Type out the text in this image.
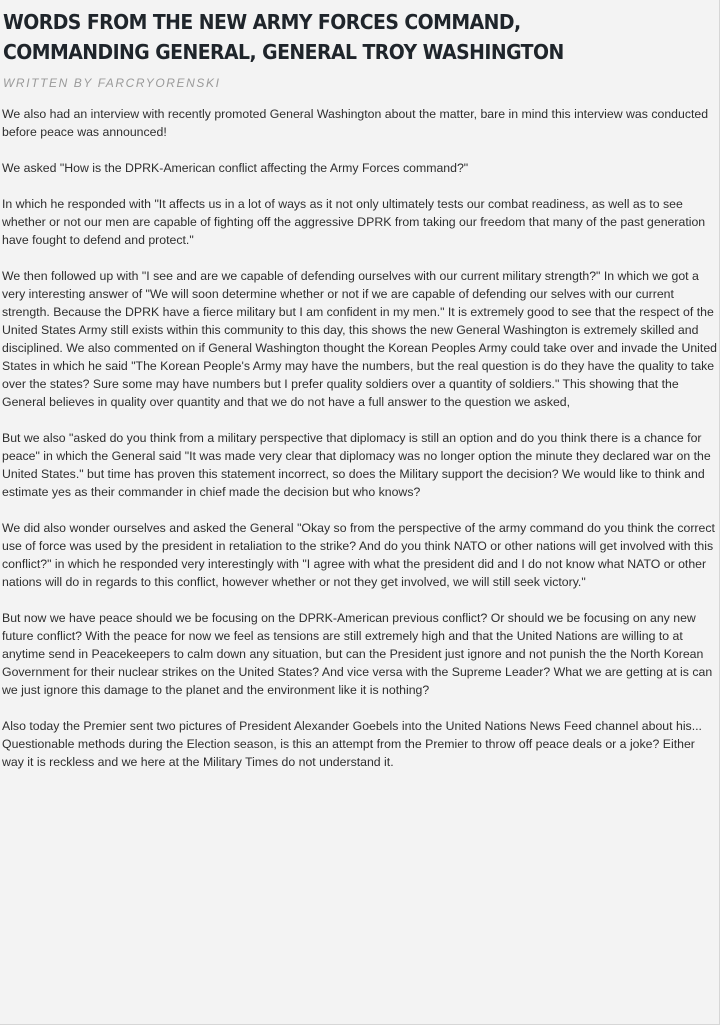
WORDS FROM THE NEW ARMY FORCES COMMAND, COMMANDING GENERAL, GENERAL TROY WASHINGTON
WRITTEN BY FARCRYORENSKI

We also had an interview with recently promoted General Washington about the matter, bare in mind this interview was conducted before peace was announced!

We asked "How is the DPRK-American conflict affecting the Army Forces command?"

In which he responded with "It affects us in a lot of ways as it not only ultimately tests our combat readiness, as well as to see whether or not our men are capable of fighting off the aggressive DPRK from taking our freedom that many of the past generation have fought to defend and protect."

We then followed up with "I see and are we capable of defending ourselves with our current military strength?" In which we got a very interesting answer of "We will soon determine whether or not if we are capable of defending our selves with our current strength. Because the DPRK have a fierce military but I am confident in my men." It is extremely good to see that the respect of the United States Army still exists within this community to this day, this shows the new General Washington is extremely skilled and disciplined. We also commented on if General Washington thought the Korean Peoples Army could take over and invade the United States in which he said "The Korean People's Army may have the numbers, but the real question is do they have the quality to take over the states? Sure some may have numbers but I prefer quality soldiers over a quantity of soldiers." This showing that the General believes in quality over quantity and that we do not have a full answer to the question we asked,

But we also "asked do you think from a military perspective that diplomacy is still an option and do you think there is a chance for peace" in which the General said "It was made very clear that diplomacy was no longer option the minute they declared war on the United States." but time has proven this statement incorrect, so does the Military support the decision? We would like to think and estimate yes as their commander in chief made the decision but who knows?

We did also wonder ourselves and asked the General "Okay so from the perspective of the army command do you think the correct use of force was used by the president in retaliation to the strike? And do you think NATO or other nations will get involved with this conflict?" in which he responded very interestingly with "I agree with what the president did and I do not know what NATO or other nations will do in regards to this conflict, however whether or not they get involved, we will still seek victory."

But now we have peace should we be focusing on the DPRK-American previous conflict? Or should we be focusing on any new future conflict? With the peace for now we feel as tensions are still extremely high and that the United Nations are willing to at anytime send in Peacekeepers to calm down any situation, but can the President just ignore and not punish the the North Korean Government for their nuclear strikes on the United States? And vice versa with the Supreme Leader? What we are getting at is can we just ignore this damage to the planet and the environment like it is nothing?

Also today the Premier sent two pictures of President Alexander Goebels into the United Nations News Feed channel about his... Questionable methods during the Election season, is this an attempt from the Premier to throw off peace deals or a joke? Either way it is reckless and we here at the Military Times do not understand it.
